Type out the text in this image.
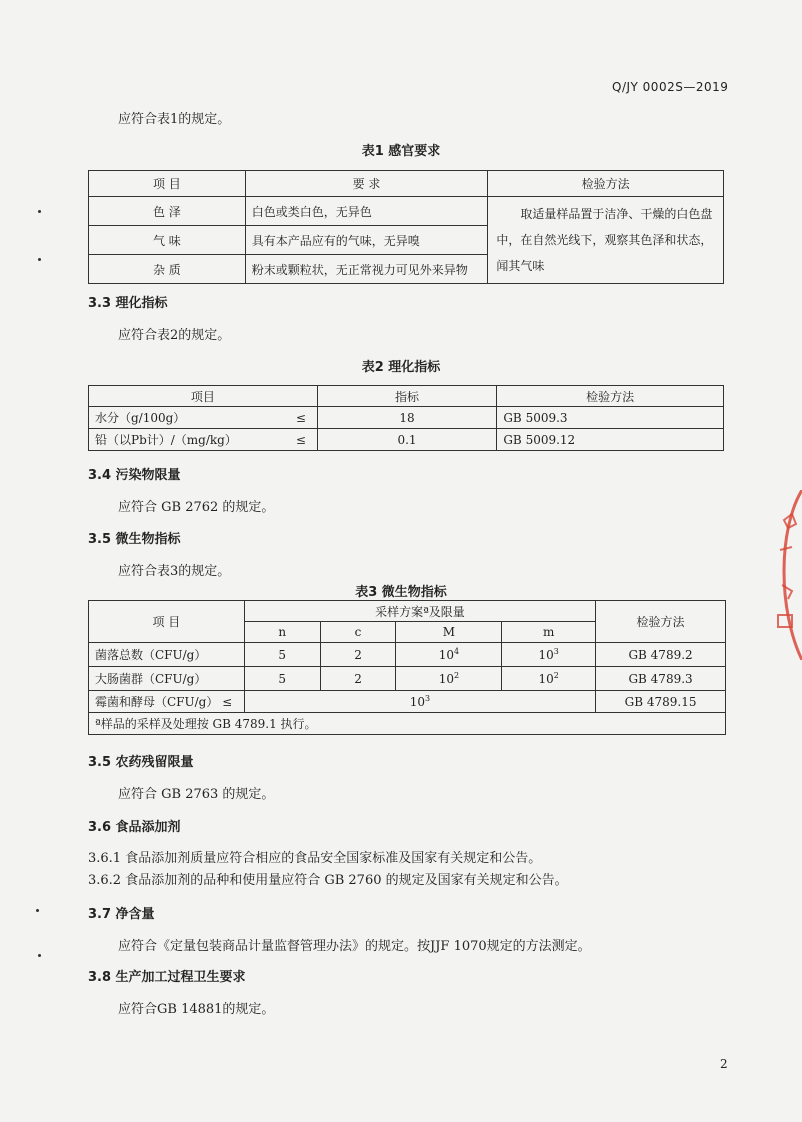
Q/JY 0002S—2019
应符合表1的规定。
表1 感官要求
项 目	要 求	检验方法
色 泽	白色或类白色，无异色	取适量样品置于洁净、干燥的白色盘中，在自然光线下，观察其色泽和状态，闻其气味
气 味	具有本产品应有的气味，无异嗅	
杂 质	粉末或颗粒状，无正常视力可见外来异物	
3.3 理化指标
应符合表2的规定。
表2 理化指标
项目		指标	检验方法
水分（g/100g）	≤	18	GB 5009.3
铅（以Pb计）/（mg/kg）	≤	0.1	GB 5009.12
3.4 污染物限量
应符合 GB 2762 的规定。
3.5 微生物指标
应符合表3的规定。
表3 微生物指标
项 目	采样方案ª及限量				检验方法
	n	c	M	m	
菌落总数（CFU/g）	5	2	$10^4$	$10^3$	GB 4789.2
大肠菌群（CFU/g）	5	2	$10^2$	$10^2$	GB 4789.3
霉菌和酵母（CFU/g） ≤	$10^3$				GB 4789.15
ª样品的采样及处理按 GB 4789.1 执行。					
3.5 农药残留限量
应符合 GB 2763 的规定。
3.6 食品添加剂
3.6.1 食品添加剂质量应符合相应的食品安全国家标准及国家有关规定和公告。
3.6.2 食品添加剂的品种和使用量应符合 GB 2760 的规定及国家有关规定和公告。
3.7 净含量
应符合《定量包装商品计量监督管理办法》的规定。按JJF 1070规定的方法测定。
3.8 生产加工过程卫生要求
应符合GB 14881的规定。
2
